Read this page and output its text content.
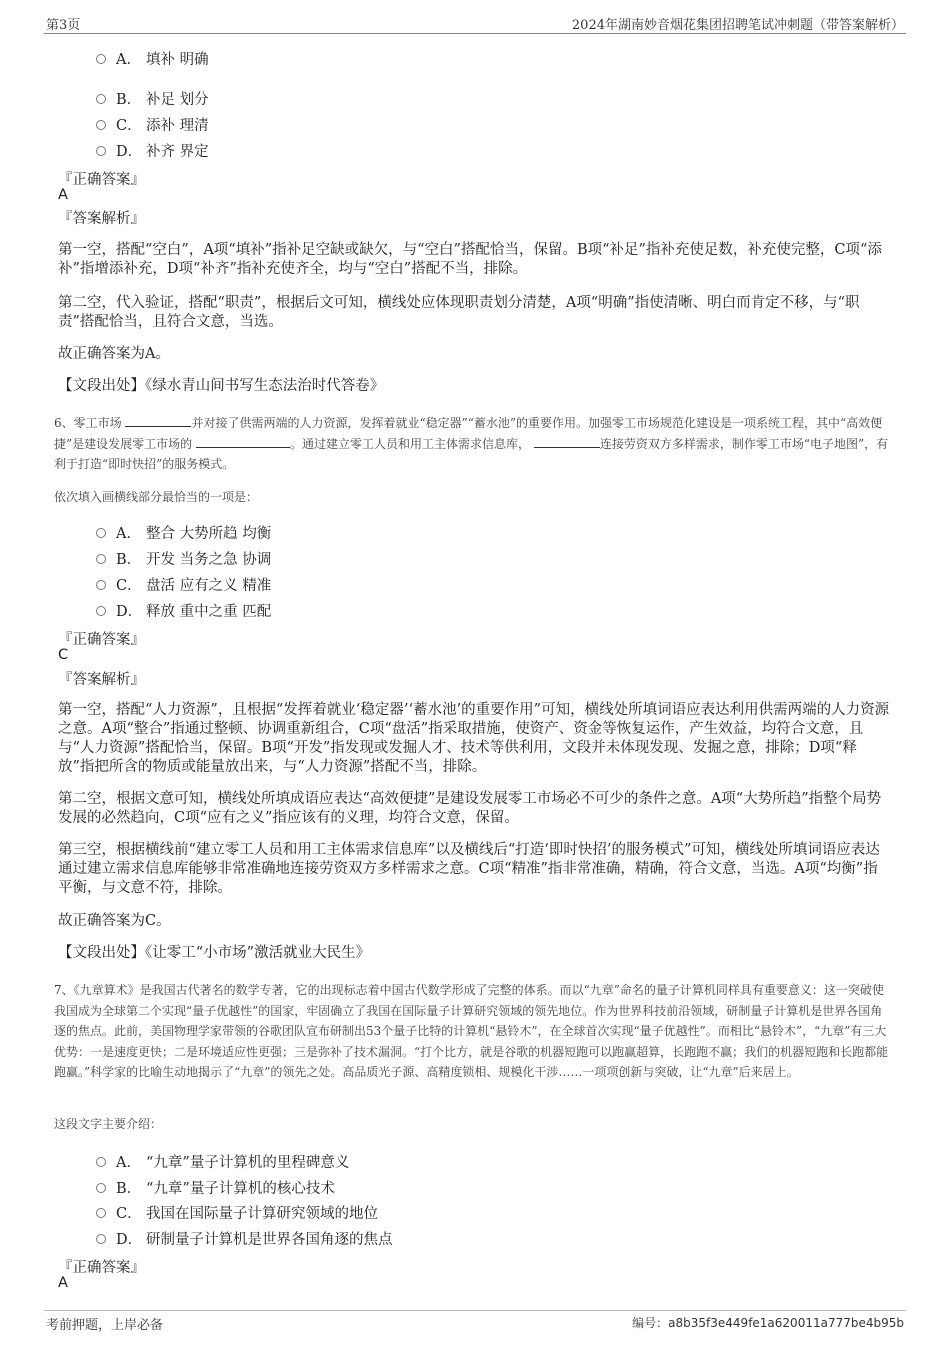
第3页	2024年湖南妙音烟花集团招聘笔试冲刺题（带答案解析）
A． 填补 明确
B． 补足 划分
C． 添补 理清
D． 补齐 界定
『正确答案』
A
『答案解析』
第一空，搭配“空白”，A项“填补”指补足空缺或缺欠，与“空白”搭配恰当，保留。B项“补足”指补充使足数，补充使完整，C项“添补”指增添补充，D项“补齐”指补充使齐全，均与“空白”搭配不当，排除。
第二空，代入验证，搭配“职责”，根据后文可知，横线处应体现职责划分清楚，A项“明确”指使清晰、明白而肯定不移，与“职责”搭配恰当，且符合文意，当选。
故正确答案为A。
【文段出处】《绿水青山间书写生态法治时代答卷》
6、零工市场	并对接了供需两端的人力资源，发挥着就业“稳定器”“蓄水池”的重要作用。加强零工市场规范化建设是一项系统工程，其中“高效便捷”是建设发展零工市场的	。通过建立零工人员和用工主体需求信息库，	连接劳资双方多样需求，制作零工市场“电子地图”，有利于打造“即时快招”的服务模式。
依次填入画横线部分最恰当的一项是：
A． 整合 大势所趋 均衡
B． 开发 当务之急 协调
C． 盘活 应有之义 精准
D． 释放 重中之重 匹配
『正确答案』
C
『答案解析』
第一空，搭配“人力资源”，且根据“发挥着就业‘稳定器’‘蓄水池’的重要作用”可知，横线处所填词语应表达利用供需两端的人力资源之意。A项“整合”指通过整顿、协调重新组合，C项“盘活”指采取措施，使资产、资金等恢复运作，产生效益，均符合文意，且与“人力资源”搭配恰当，保留。B项“开发”指发现或发掘人才、技术等供利用，文段并未体现发现、发掘之意，排除；D项“释放”指把所含的物质或能量放出来，与“人力资源”搭配不当，排除。
第二空，根据文意可知，横线处所填成语应表达“高效便捷”是建设发展零工市场必不可少的条件之意。A项“大势所趋”指整个局势发展的必然趋向，C项“应有之义”指应该有的义理，均符合文意，保留。
第三空，根据横线前“建立零工人员和用工主体需求信息库”以及横线后“打造‘即时快招’的服务模式”可知，横线处所填词语应表达通过建立需求信息库能够非常准确地连接劳资双方多样需求之意。C项“精准”指非常准确，精确，符合文意，当选。A项“均衡”指平衡，与文意不符，排除。
故正确答案为C。
【文段出处】《让零工“小市场”激活就业大民生》
7、《九章算术》是我国古代著名的数学专著，它的出现标志着中国古代数学形成了完整的体系。而以“九章”命名的量子计算机同样具有重要意义：这一突破使我国成为全球第二个实现“量子优越性”的国家，牢固确立了我国在国际量子计算研究领域的领先地位。作为世界科技前沿领域，研制量子计算机是世界各国角逐的焦点。此前，美国物理学家带领的谷歌团队宣布研制出53个量子比特的计算机“悬铃木”，在全球首次实现“量子优越性”。而相比“悬铃木”，“九章”有三大优势：一是速度更快；二是环境适应性更强；三是弥补了技术漏洞。“打个比方，就是谷歌的机器短跑可以跑赢超算，长跑跑不赢；我们的机器短跑和长跑都能跑赢。”科学家的比喻生动地揭示了“九章”的领先之处。高品质光子源、高精度锁相、规模化干涉……一项项创新与突破，让“九章”后来居上。
这段文字主要介绍：
A． “九章”量子计算机的里程碑意义
B． “九章”量子计算机的核心技术
C． 我国在国际量子计算研究领域的地位
D． 研制量子计算机是世界各国角逐的焦点
『正确答案』
A
考前押题，上岸必备	编号：a8b35f3e449fe1a620011a777be4b95b
